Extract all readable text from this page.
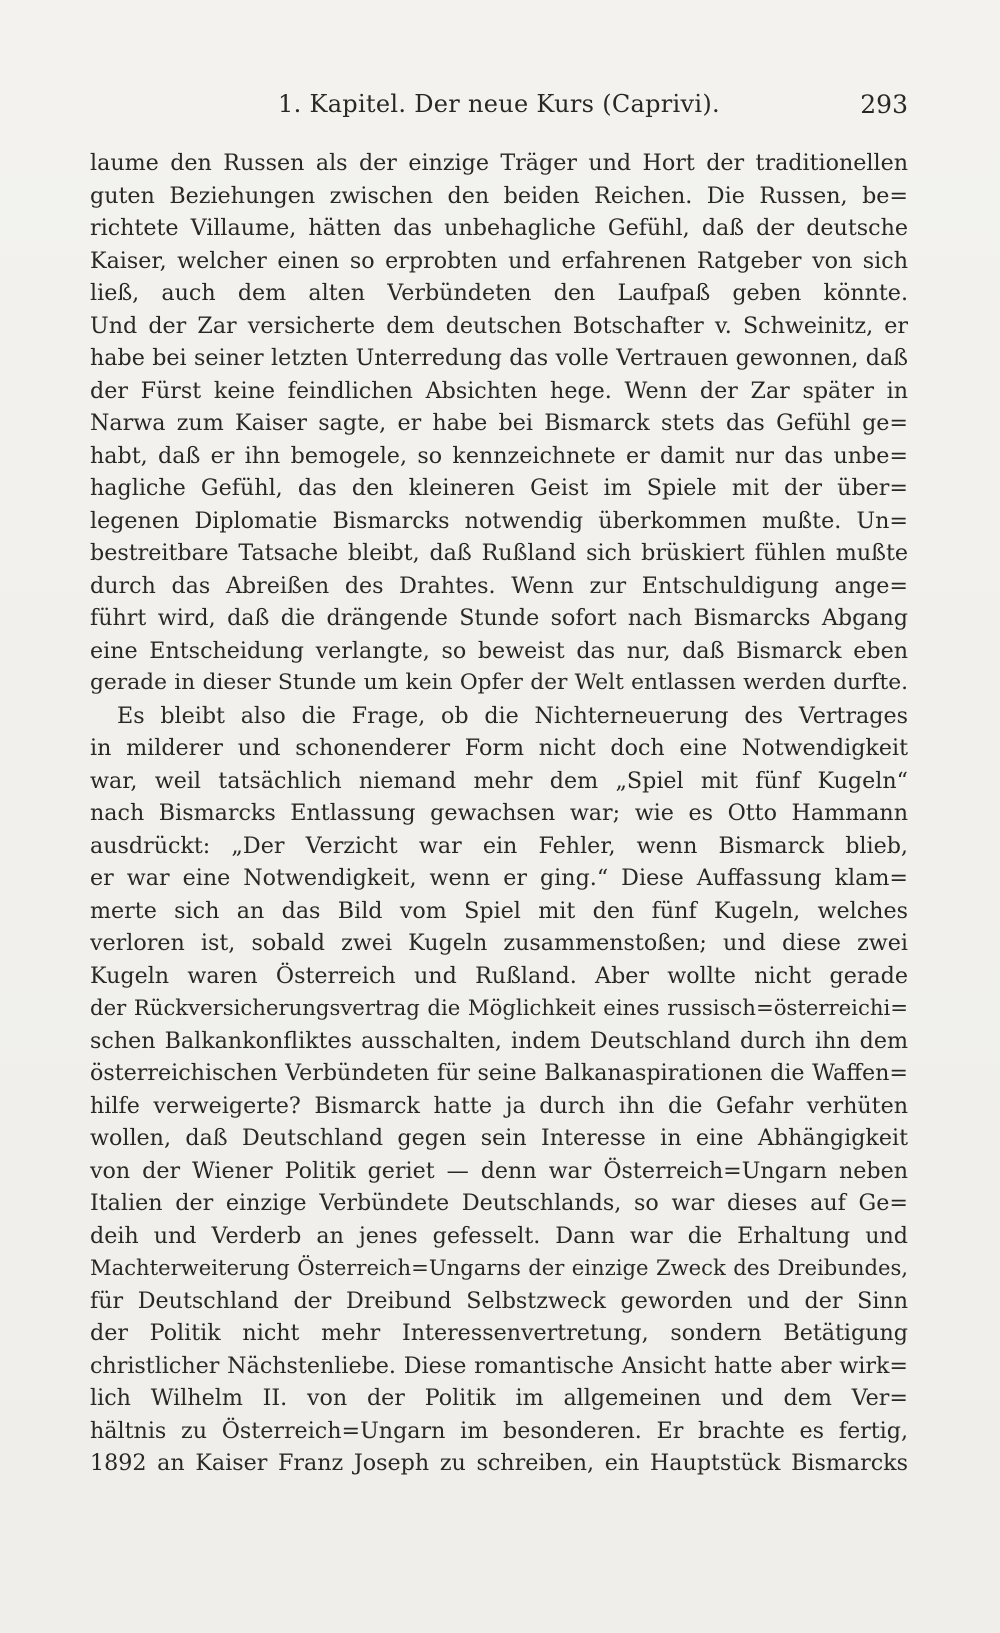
1. Kapitel. Der neue Kurs (Caprivi).	293
laume den Russen als der einzige Träger und Hort der traditionellen
guten Beziehungen zwischen den beiden Reichen. Die Russen, be=
richtete Villaume, hätten das unbehagliche Gefühl, daß der deutsche
Kaiser, welcher einen so erprobten und erfahrenen Ratgeber von sich
ließ, auch dem alten Verbündeten den Laufpaß geben könnte.
Und der Zar versicherte dem deutschen Botschafter v. Schweinitz, er
habe bei seiner letzten Unterredung das volle Vertrauen gewonnen, daß
der Fürst keine feindlichen Absichten hege. Wenn der Zar später in
Narwa zum Kaiser sagte, er habe bei Bismarck stets das Gefühl ge=
habt, daß er ihn bemogele, so kennzeichnete er damit nur das unbe=
hagliche Gefühl, das den kleineren Geist im Spiele mit der über=
legenen Diplomatie Bismarcks notwendig überkommen mußte. Un=
bestreitbare Tatsache bleibt, daß Rußland sich brüskiert fühlen mußte
durch das Abreißen des Drahtes. Wenn zur Entschuldigung ange=
führt wird, daß die drängende Stunde sofort nach Bismarcks Abgang
eine Entscheidung verlangte, so beweist das nur, daß Bismarck eben
gerade in dieser Stunde um kein Opfer der Welt entlassen werden durfte.
Es bleibt also die Frage, ob die Nichterneuerung des Vertrages
in milderer und schonenderer Form nicht doch eine Notwendigkeit
war, weil tatsächlich niemand mehr dem „Spiel mit fünf Kugeln“
nach Bismarcks Entlassung gewachsen war; wie es Otto Hammann
ausdrückt: „Der Verzicht war ein Fehler, wenn Bismarck blieb,
er war eine Notwendigkeit, wenn er ging.“ Diese Auffassung klam=
merte sich an das Bild vom Spiel mit den fünf Kugeln, welches
verloren ist, sobald zwei Kugeln zusammenstoßen; und diese zwei
Kugeln waren Österreich und Rußland. Aber wollte nicht gerade
der Rückversicherungsvertrag die Möglichkeit eines russisch=österreichi=
schen Balkankonfliktes ausschalten, indem Deutschland durch ihn dem
österreichischen Verbündeten für seine Balkanaspirationen die Waffen=
hilfe verweigerte? Bismarck hatte ja durch ihn die Gefahr verhüten
wollen, daß Deutschland gegen sein Interesse in eine Abhängigkeit
von der Wiener Politik geriet — denn war Österreich=Ungarn neben
Italien der einzige Verbündete Deutschlands, so war dieses auf Ge=
deih und Verderb an jenes gefesselt. Dann war die Erhaltung und
Machterweiterung Österreich=Ungarns der einzige Zweck des Dreibundes,
für Deutschland der Dreibund Selbstzweck geworden und der Sinn
der Politik nicht mehr Interessenvertretung, sondern Betätigung
christlicher Nächstenliebe. Diese romantische Ansicht hatte aber wirk=
lich Wilhelm II. von der Politik im allgemeinen und dem Ver=
hältnis zu Österreich=Ungarn im besonderen. Er brachte es fertig,
1892 an Kaiser Franz Joseph zu schreiben, ein Hauptstück Bismarcks
